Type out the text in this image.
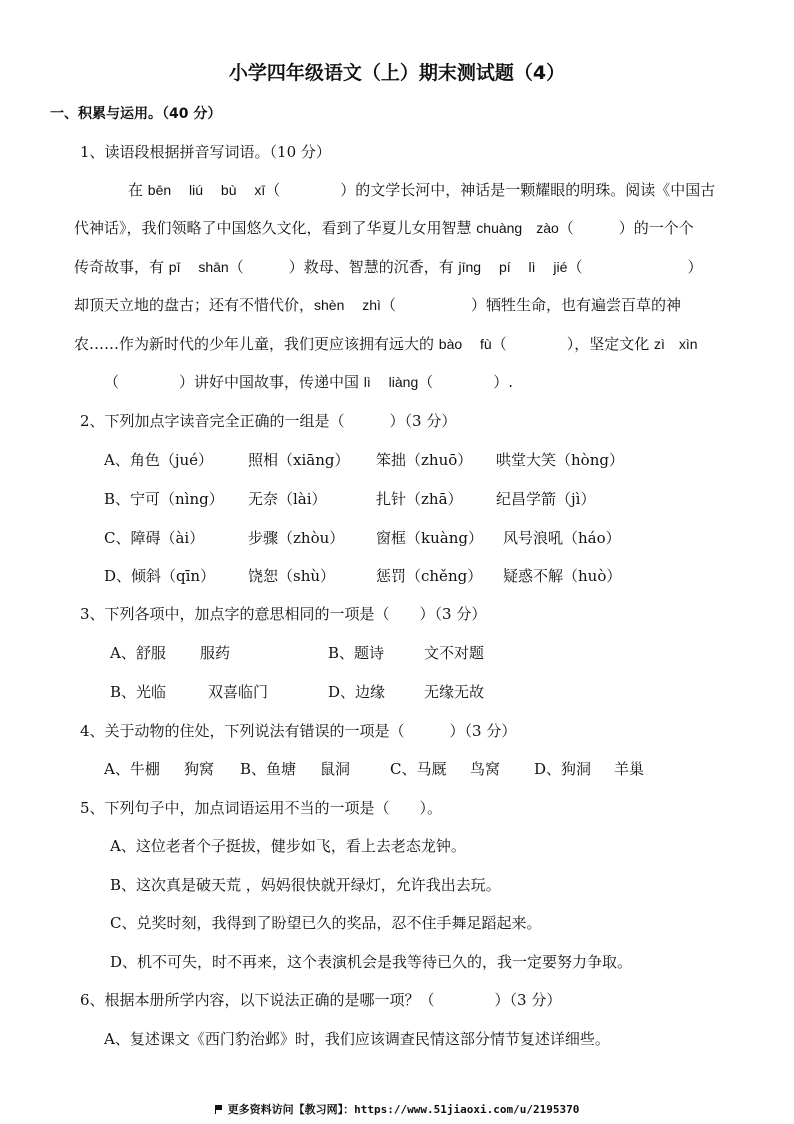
小学四年级语文（上）期末测试题（4）
一、积累与运用。（40 分）
1、读语段根据拼音写词语。（10 分）
在 bēn　 liú　 bù　 xī（　　　　）的文学长河中，神话是一颗耀眼的明珠。阅读《中国古
代神话》，我们领略了中国悠久文化，看到了华夏儿女用智慧 chuàng　zào（　　　）的一个个
传奇故事，有 pī　 shān（　　　）救母、智慧的沉香，有 jīng　 pí　 lì　 jié（　　　　　　　）
却顶天立地的盘古；还有不惜代价，shèn　 zhì（　　　　　）牺牲生命，也有遍尝百草的神
农……作为新时代的少年儿童，我们更应该拥有远大的 bào　 fù（　　　　），坚定文化 zì　xìn
（　　　　）讲好中国故事，传递中国 lì　 liàng（　　　　）.
2、下列加点字读音完全正确的一组是（　　　）（3 分）
A、角色（jué） 照相（xiāng） 笨拙（zhuō） 哄堂大笑（hòng）
B、宁可（nìng） 无奈（lài）	扎针（zhā） 纪昌学箭（jì）
C、障碍（ài）	步骤（zhòu） 窗框（kuàng） 风号浪吼（háo）
D、倾斜（qīn） 饶恕（shù）	惩罚（chěng） 疑惑不解（huò）
3、下列各项中，加点字的意思相同的一项是（　　）（3 分）
A、舒服 服药	B、题诗	文不对题
B、光临	双喜临门	D、边缘	无缘无故
4、关于动物的住处，下列说法有错误的一项是（　　　）（3 分）
A、牛棚 狗窝 B、鱼塘 鼠洞	C、马厩 鸟窝 D、狗洞 羊巢
5、下列句子中，加点词语运用不当的一项是（　　）。
A、这位老者个子挺拔，健步如飞，看上去老态龙钟。
B、这次真是破天荒 ，妈妈很快就开绿灯，允许我出去玩。
C、兑奖时刻，我得到了盼望已久的奖品，忍不住手舞足蹈起来。
D、机不可失，时不再来，这个表演机会是我等待已久的，我一定要努力争取。
6、根据本册所学内容，以下说法正确的是哪一项？（　　　　）（3 分）
A、复述课文《西门豹治邺》时，我们应该调查民情这部分情节复述详细些。
更多资料访问【教习网】：https://www.51jiaoxi.com/u/2195370
